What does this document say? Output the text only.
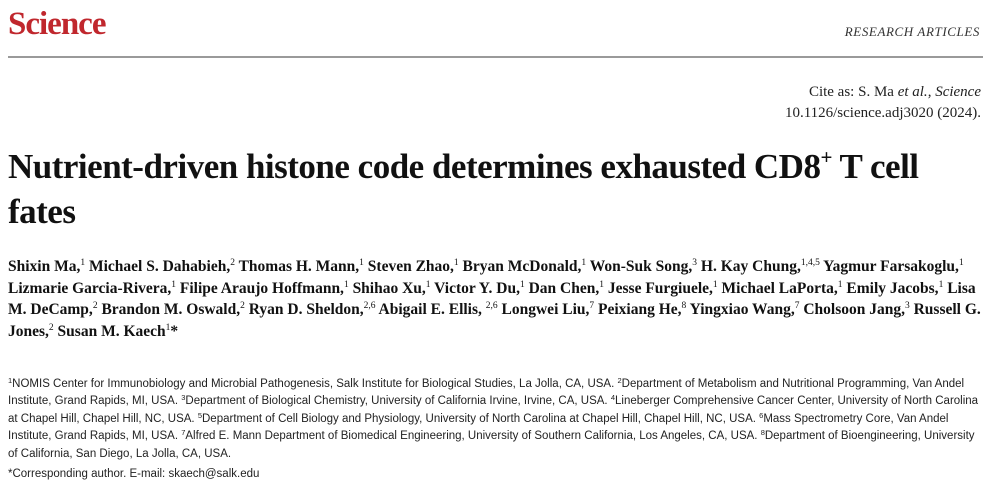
Science	RESEARCH ARTICLES
Cite as: S. Ma et al., Science
10.1126/science.adj3020 (2024).
Nutrient-driven histone code determines exhausted CD8+ T cell fates

Shixin Ma,$^1$ Michael S. Dahabieh,$^2$ Thomas H. Mann,$^1$ Steven Zhao,$^1$ Bryan McDonald,$^1$ Won-Suk Song,$^3$ H. Kay Chung,$^{1,4,5}$ Yagmur Farsakoglu,$^1$ Lizmarie Garcia-Rivera,$^1$ Filipe Araujo Hoffmann,$^1$ Shihao Xu,$^1$ Victor Y. Du,$^1$ Dan Chen,$^1$ Jesse Furgiuele,$^1$ Michael LaPorta,$^1$ Emily Jacobs,$^1$ Lisa M. DeCamp,$^2$ Brandon M. Oswald,$^2$ Ryan D. Sheldon,$^{2,6}$ Abigail E. Ellis, $^{2,6}$ Longwei Liu,$^7$ Peixiang He,$^8$ Yingxiao Wang,$^7$ Cholsoon Jang,$^3$ Russell G. Jones,$^2$ Susan M. Kaech$^1$*

$^1$NOMIS Center for Immunobiology and Microbial Pathogenesis, Salk Institute for Biological Studies, La Jolla, CA, USA. $^2$Department of Metabolism and Nutritional Programming, Van Andel Institute, Grand Rapids, MI, USA. $^3$Department of Biological Chemistry, University of California Irvine, Irvine, CA, USA. $^4$Lineberger Comprehensive Cancer Center, University of North Carolina at Chapel Hill, Chapel Hill, NC, USA. $^5$Department of Cell Biology and Physiology, University of North Carolina at Chapel Hill, Chapel Hill, NC, USA. $^6$Mass Spectrometry Core, Van Andel Institute, Grand Rapids, MI, USA. $^7$Alfred E. Mann Department of Biomedical Engineering, University of Southern California, Los Angeles, CA, USA. $^8$Department of Bioengineering, University of California, San Diego, La Jolla, CA, USA.

*Corresponding author. E-mail: skaech@salk.edu
